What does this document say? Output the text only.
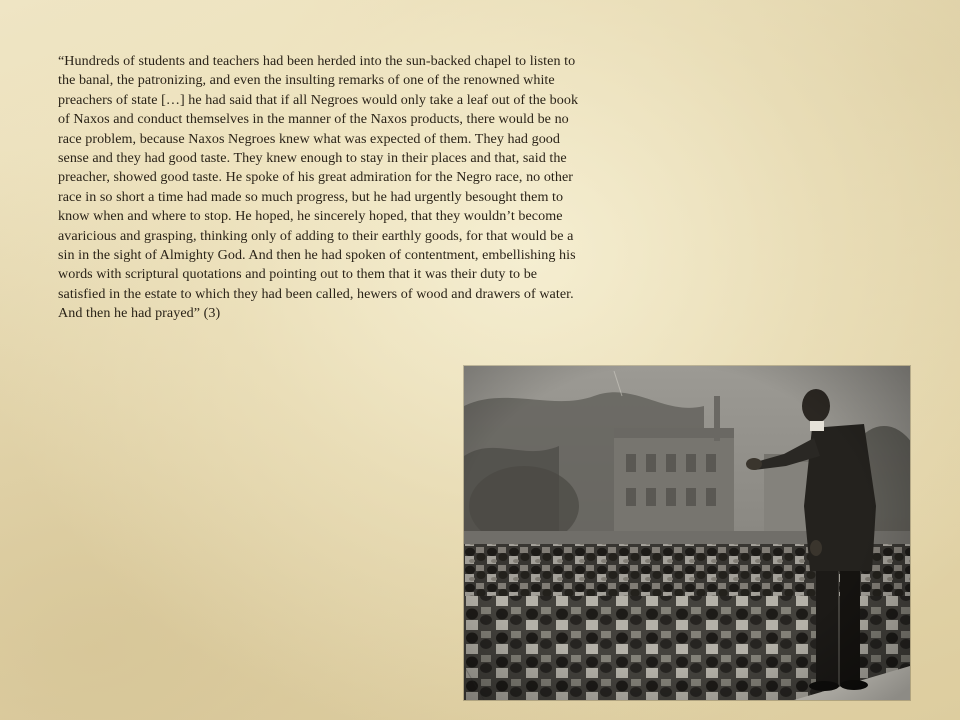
“Hundreds of students and teachers had been herded into the sun-backed chapel to listen to the banal, the patronizing, and even the insulting remarks of one of the renowned white preachers of state […] he had said that if all Negroes would only take a leaf out of the book of Naxos and conduct themselves in the manner of the Naxos products, there would be no race problem, because Naxos Negroes knew what was expected of them. They had good sense and they had good taste. They knew enough to stay in their places and that, said the preacher, showed good taste. He spoke of his great admiration for the Negro race, no other race in so short a time had made so much progress, but he had urgently besought them to know when and where to stop. He hoped, he sincerely hoped, that they wouldn’t become avaricious and grasping, thinking only of adding to their earthly goods, for that would be a sin in the sight of Almighty God. And then he had spoken of contentment, embellishing his words with scriptural quotations and pointing out to them that it was their duty to be satisfied in the estate to which they had been called, hewers of wood and drawers of water. And then he had prayed” (3)
